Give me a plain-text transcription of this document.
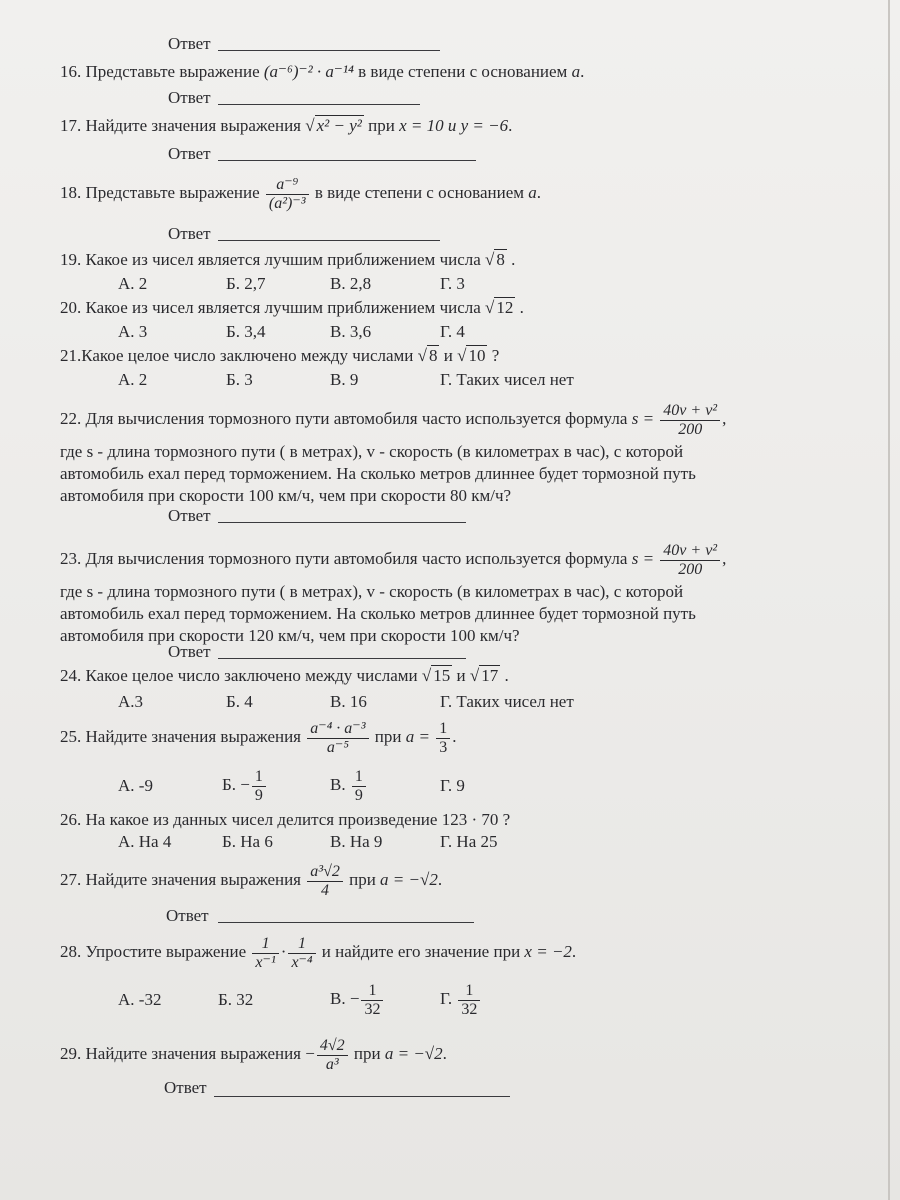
Ответ
16. Представьте выражение (a⁻⁶)⁻² · a⁻¹⁴ в виде степени с основанием a.
Ответ
17. Найдите значения выражения √ x² − y² при x = 10 и y = −6.
Ответ
18. Представьте выражение $\frac{\text{a⁻⁹}}{\text{(a²)⁻³}}$ в виде степени с основанием a.
Ответ
19. Какое из чисел является лучшим приближением числа √ 8 .
А. 2	Б. 2,7	В. 2,8	Г. 3
20. Какое из чисел является лучшим приближением числа √ 12 .
А. 3	Б. 3,4	В. 3,6	Г. 4
21.Какое целое число заключено между числами √ 8 и √ 10 ?
А. 2	Б. 3	В. 9	Г. Таких чисел нет
22. Для вычисления тормозного пути автомобиля часто используется формула $s = \frac{\text{40v + v²}}{200}$ ,
где s - длина тормозного пути ( в метрах), v - скорость (в километрах в час), с которой
автомобиль ехал перед торможением. На сколько метров длиннее будет тормозной путь
автомобиля при скорости 100 км/ч, чем при скорости 80 км/ч?
Ответ
23. Для вычисления тормозного пути автомобиля часто используется формула $s = \frac{\text{40v + v²}}{200}$ ,
где s - длина тормозного пути ( в метрах), v - скорость (в километрах в час), с которой
автомобиль ехал перед торможением. На сколько метров длиннее будет тормозной путь
автомобиля при скорости 120 км/ч, чем при скорости 100 км/ч?
Ответ
24. Какое целое число заключено между числами √ 15 и √ 17 .
А.3	Б. 4	В. 16	Г. Таких чисел нет
25. Найдите значения выражения $\frac{\text{a⁻⁴ · a⁻³}}{\text{a⁻⁵}}$ при $a = \frac{1}{3}$ .
А. -9	Б. − $\frac{1}{9}$	В. $\frac{1}{9}$	Г. 9
26. На какое из данных чисел делится произведение 123 · 70 ?
А. На 4	Б. На 6	В. На 9	Г. На 25
27. Найдите значения выражения $\frac{\text{a³√2}}{4}$ при a = −√2.
Ответ
28. Упростите выражение $\frac{1}{\text{x⁻¹}} \cdot \frac{1}{\text{x⁻⁴}}$ и найдите его значение при x = −2.
А. -32	Б. 32	В. − $\frac{1}{32}$	Г. $\frac{1}{32}$
29. Найдите значения выражения − $\frac{4√2}{\text{a³}}$ при a = −√2.
Ответ
